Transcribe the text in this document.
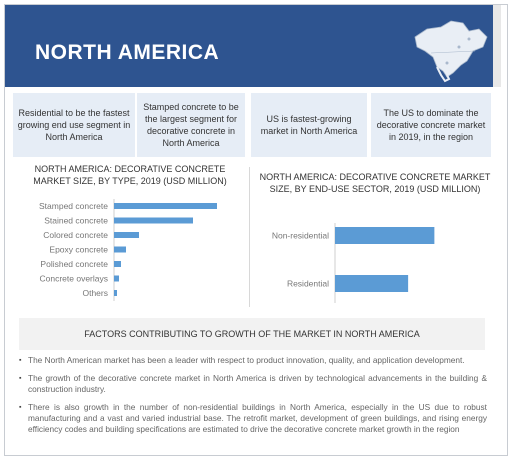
NORTH AMERICA
Residential to be the fastest growing end use segment in North America
Stamped concrete to be the largest segment for decorative concrete in North America
US is fastest-growing market in North America
The US to dominate the decorative concrete market in 2019, in the region
NORTH AMERICA: DECORATIVE CONCRETE MARKET SIZE, BY TYPE, 2019 (USD MILLION)	NORTH AMERICA: DECORATIVE CONCRETE MARKET SIZE, BY END-USE SECTOR, 2019 (USD MILLION)
Stamped concrete
Stained concrete
Colored concrete
Epoxy concrete
Polished concrete
Concrete overlays
Others
Non-residential
Residential
FACTORS CONTRIBUTING TO GROWTH OF THE MARKET IN NORTH AMERICA
▪ The North American market has been a leader with respect to product innovation, quality, and application development.
▪ The growth of the decorative concrete market in North America is driven by technological advancements in the building & construction industry.
▪ There is also growth in the number of non-residential buildings in North America, especially in the US due to robust manufacturing and a vast and varied industrial base. The retrofit market, development of green buildings, and rising energy efficiency codes and building specifications are estimated to drive the decorative concrete market growth in the region
